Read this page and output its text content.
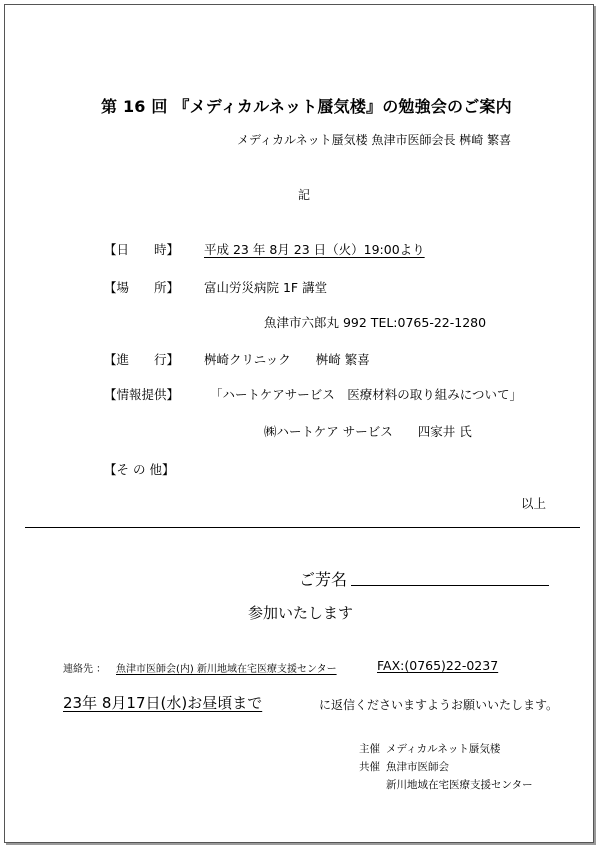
第 16 回 『メディカルネット蜃気楼』の勉強会のご案内
メディカルネット蜃気楼 魚津市医師会長 桝崎 繁喜
記
【日　　時】 平成 23 年 8月 23 日（火）19:00より
【場　　所】 富山労災病院 1F 講堂
魚津市六郎丸 992 TEL:0765-22-1280
【進　　行】 桝崎クリニック　　桝崎 繁喜
【情報提供】 「ハートケアサービス　医療材料の取り組みについて」
㈱ハートケア サービス　　四家井 氏
【そ の 他】
以上
ご芳名
参加いたします
連絡先 ： 魚津市医師会(内) 新川地域在宅医療支援センター	FAX:(0765)22-0237
23年 8月17日(水)お昼頃まで	に返信くださいますようお願いいたします。
主催 メディカルネット蜃気楼
共催 魚津市医師会
新川地域在宅医療支援センター
